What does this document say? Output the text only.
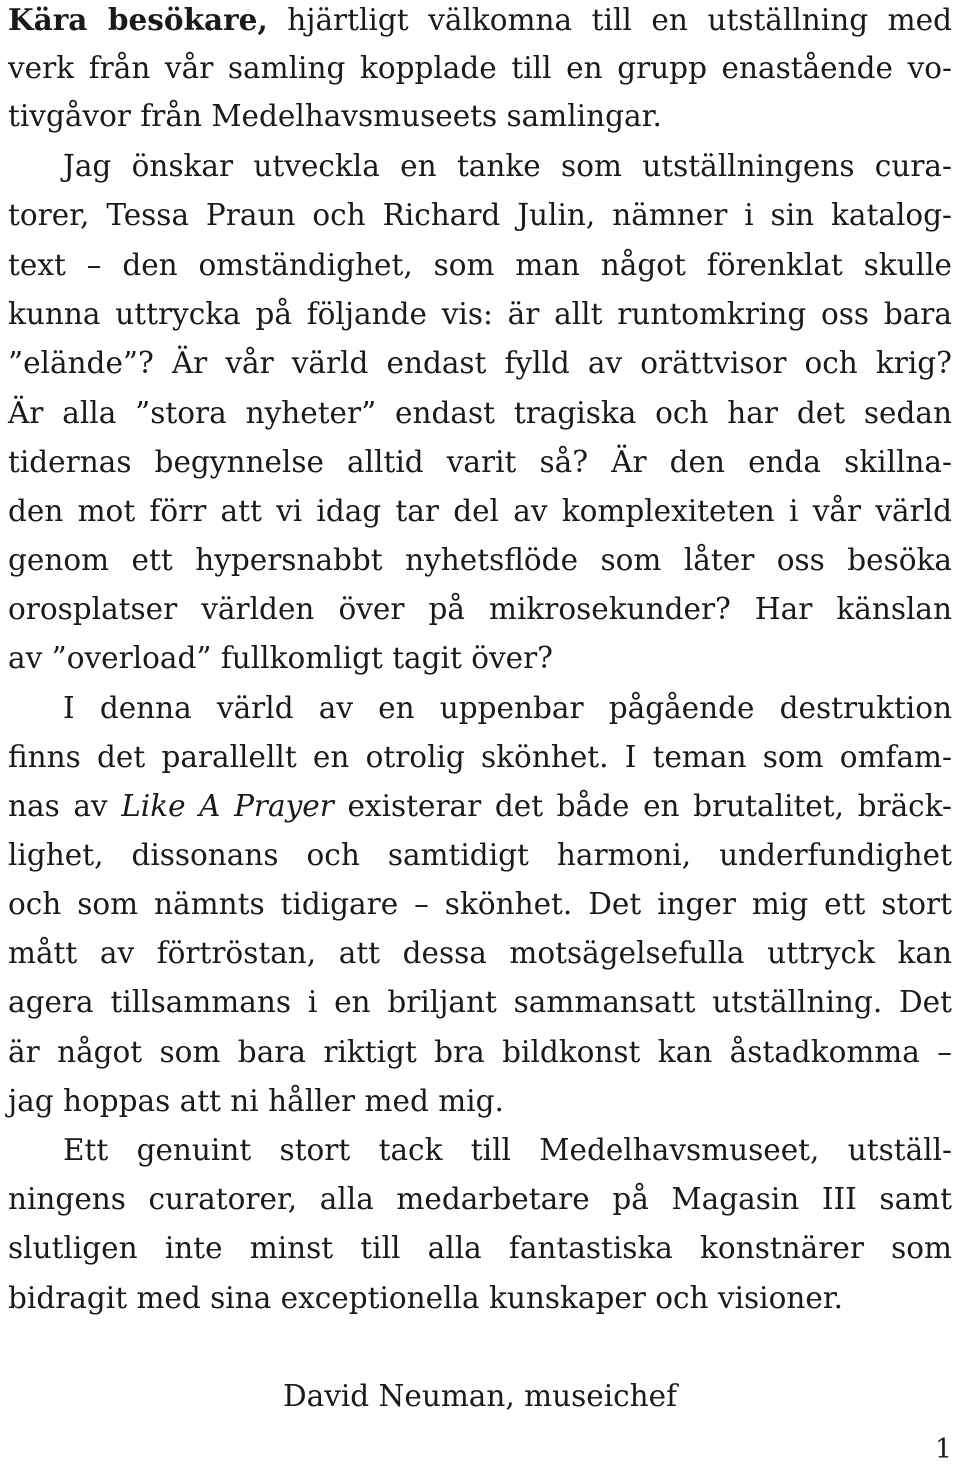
Kära besökare, hjärtligt välkomna till en utställning med
verk från vår samling kopplade till en grupp enastående vo-
tivgåvor från Medelhavsmuseets samlingar.
Jag önskar utveckla en tanke som utställningens cura-
torer, Tessa Praun och Richard Julin, nämner i sin katalog-
text – den omständighet, som man något förenklat skulle
kunna uttrycka på följande vis: är allt runtomkring oss bara
”elände”? Är vår värld endast fylld av orättvisor och krig?
Är alla ”stora nyheter” endast tragiska och har det sedan
tidernas begynnelse alltid varit så? Är den enda skillna-
den mot förr att vi idag tar del av komplexiteten i vår värld
genom ett hypersnabbt nyhetsflöde som låter oss besöka
orosplatser världen över på mikrosekunder? Har känslan
av ”overload” fullkomligt tagit över?
I denna värld av en uppenbar pågående destruktion
finns det parallellt en otrolig skönhet. I teman som omfam-
nas av Like A Prayer existerar det både en brutalitet, bräck-
lighet, dissonans och samtidigt harmoni, underfundighet
och som nämnts tidigare – skönhet. Det inger mig ett stort
mått av förtröstan, att dessa motsägelsefulla uttryck kan
agera tillsammans i en briljant sammansatt utställning. Det
är något som bara riktigt bra bildkonst kan åstadkomma –
jag hoppas att ni håller med mig.
Ett genuint stort tack till Medelhavsmuseet, utställ-
ningens curatorer, alla medarbetare på Magasin III samt
slutligen inte minst till alla fantastiska konstnärer som
bidragit med sina exceptionella kunskaper och visioner.
David Neuman, museichef
1
